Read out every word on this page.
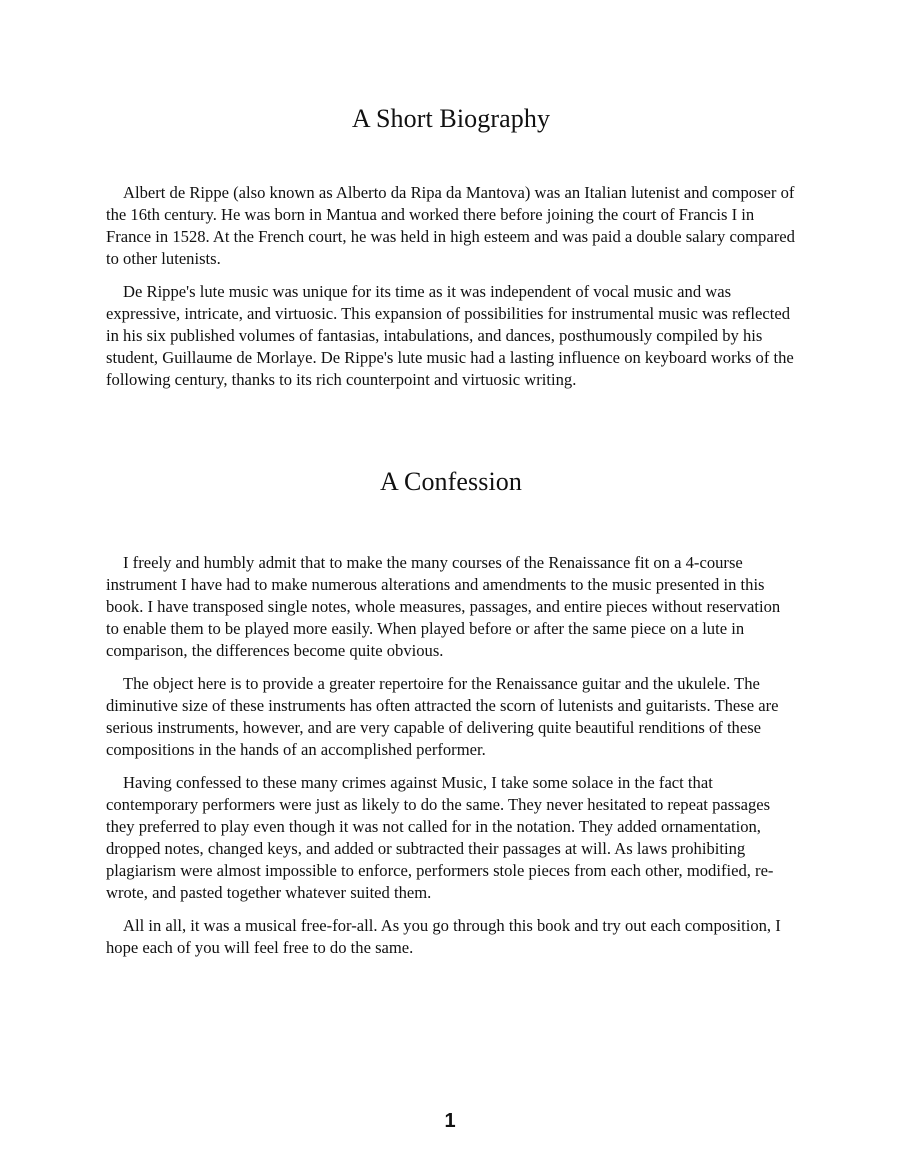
A Short Biography

Albert de Rippe (also known as Alberto da Ripa da Mantova) was an Italian lutenist and composer of the 16th century. He was born in Mantua and worked there before joining the court of Francis I in France in 1528. At the French court, he was held in high esteem and was paid a double salary compared to other lutenists.

De Rippe's lute music was unique for its time as it was independent of vocal music and was expressive, intricate, and virtuosic. This expansion of possibilities for instrumental music was reflected in his six published volumes of fantasias, intabulations, and dances, posthumously compiled by his student, Guillaume de Morlaye. De Rippe's lute music had a lasting influence on keyboard works of the following century, thanks to its rich counterpoint and virtuosic writing.

A Confession

I freely and humbly admit that to make the many courses of the Renaissance fit on a 4-course instrument I have had to make numerous alterations and amendments to the music presented in this book. I have transposed single notes, whole measures, passages, and entire pieces without reservation to enable them to be played more easily. When played before or after the same piece on a lute in comparison, the differences become quite obvious.

The object here is to provide a greater repertoire for the Renaissance guitar and the ukulele. The diminutive size of these instruments has often attracted the scorn of lutenists and guitarists. These are serious instruments, however, and are very capable of delivering quite beautiful renditions of these compositions in the hands of an accomplished performer.

Having confessed to these many crimes against Music, I take some solace in the fact that contemporary performers were just as likely to do the same. They never hesitated to repeat passages they preferred to play even though it was not called for in the notation. They added ornamentation, dropped notes, changed keys, and added or subtracted their passages at will. As laws prohibiting plagiarism were almost impossible to enforce, performers stole pieces from each other, modified, re-wrote, and pasted together whatever suited them.

All in all, it was a musical free-for-all. As you go through this book and try out each composition, I hope each of you will feel free to do the same.

1
